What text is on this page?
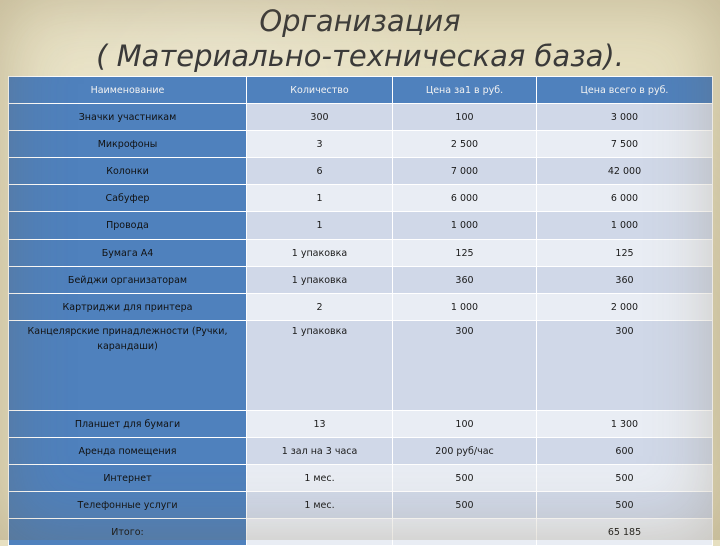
Организация
( Материально-техническая база).
Наименование	Количество	Цена за1 в руб.	Цена всего в руб.
Значки участникам	300	100	3 000
Микрофоны	3	2 500	7 500
Колонки	6	7 000	42 000
Сабуфер	1	6 000	6 000
Провода	1	1 000	1 000
Бумага А4	1 упаковка	125	125
Бейджи организаторам	1 упаковка	360	360
Картриджи для принтера	2	1 000	2 000
Канцелярские принадлежности (Ручки, карандаши)	1 упаковка	300	300
Планшет для бумаги	13	100	1 300
Аренда помещения	1 зал на 3 часа	200 руб/час	600
Интернет	1 мес.	500	500
Телефонные услуги	1 мес.	500	500
Итого:			65 185
